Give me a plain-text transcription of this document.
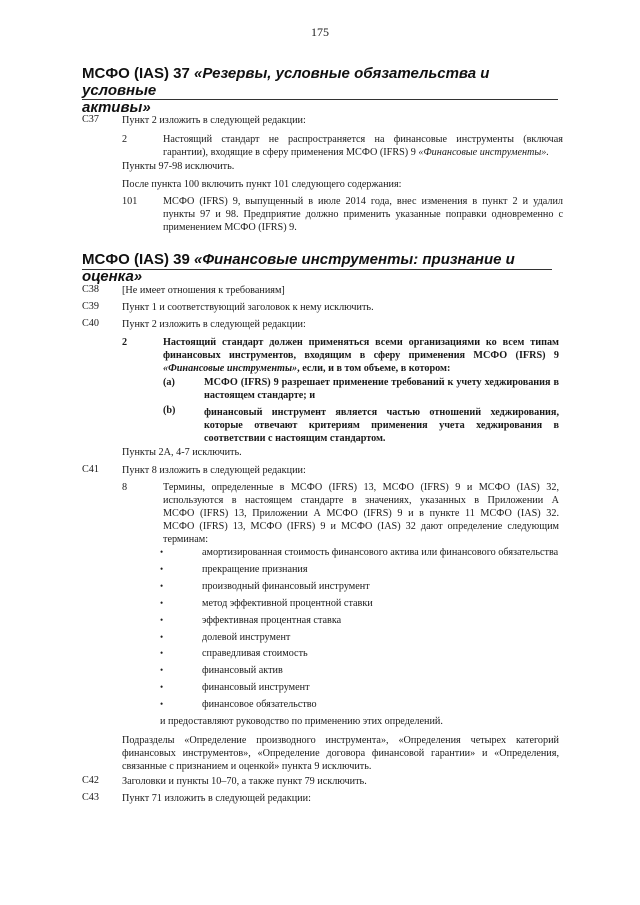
175
МСФО (IAS) 37 «Резервы, условные обязательства и условные
активы»
C37 Пункт 2 изложить в следующей редакции:
2	Настоящий стандарт не распространяется на финансовые инструменты (включая
гарантии), входящие в сферу применения МСФО (IFRS) 9 «Финансовые инструменты».
Пункты 97-98 исключить.
После пункта 100 включить пункт 101 следующего содержания:
101	МСФО (IFRS) 9, выпущенный в июле 2014 года, внес изменения в пункт 2 и удалил
пункты 97 и 98. Предприятие должно применить указанные поправки одновременно с
применением МСФО (IFRS) 9.
МСФО (IAS) 39 «Финансовые инструменты: признание и оценка»
C38 [Не имеет отношения к требованиям]
C39 Пункт 1 и соответствующий заголовок к нему исключить.
C40 Пункт 2 изложить в следующей редакции:
2	Настоящий стандарт должен применяться всеми организациями ко всем типам
финансовых инструментов, входящим в сферу применения МСФО (IFRS) 9
«Финансовые инструменты», если, и в том объеме, в котором:
(a)	МСФО (IFRS) 9 разрешает применение требований к учету хеджирования в
настоящем стандарте; и
(b)	финансовый инструмент является частью отношений хеджирования,
которые отвечают критериям применения учета хеджирования в
соответствии с настоящим стандартом.
Пункты 2А, 4-7 исключить.
C41 Пункт 8 изложить в следующей редакции:
8	Термины, определенные в МСФО (IFRS) 13, МСФО (IFRS) 9 и МСФО (IAS) 32,
используются в настоящем стандарте в значениях, указанных в Приложении А
МСФО (IFRS) 13, Приложении А МСФО (IFRS) 9 и в пункте 11 МСФО (IAS) 32.
МСФО (IFRS) 13, МСФО (IFRS) 9 и МСФО (IAS) 32 дают определение следующим
терминам:
•	амортизированная стоимость финансового актива или финансового обязательства
•	прекращение признания
•	производный финансовый инструмент
•	метод эффективной процентной ставки
•	эффективная процентная ставка
•	долевой инструмент
•	справедливая стоимость
•	финансовый актив
•	финансовый инструмент
•	финансовое обязательство
и предоставляют руководство по применению этих определений.
Подразделы «Определение производного инструмента», «Определения четырех категорий
финансовых инструментов», «Определение договора финансовой гарантии» и «Определения,
связанные с признанием и оценкой» пункта 9 исключить.
C42 Заголовки и пункты 10–70, а также пункт 79 исключить.
C43 Пункт 71 изложить в следующей редакции:
